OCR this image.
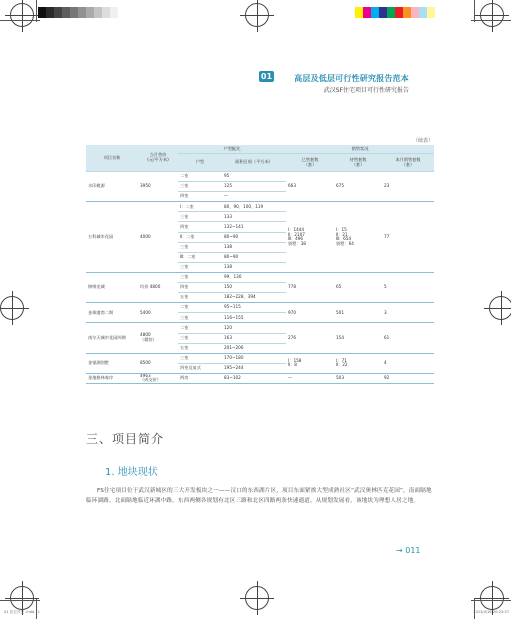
01	高层及低层可行性研究报告范本
武汉SF住宅项目可行性研究报告
（续表）
项目名称	当月售价
(元/平方米)	户型配比		销售状况		
		户型	面积区间（平方米）	已售套数
（套）	待售套数
（套）	本月销售套数
（套）
水印桃源	3950	二室	95	663	675	23
		三室	125			
		四室	—			
万科城市花园	4000	Ⅰ：二室	80、90、100、119	Ⅰ：1444
Ⅱ：2107
Ⅲ：496
别墅：38	Ⅰ：15
Ⅱ：21
Ⅲ：654
别墅：64	77
		三室	133			
		四室	132~141			
		Ⅱ：二室	80~90			
		三室	138			
		Ⅲ：二室	80~90			
		三室	138			
锦绣龙城	均价 4800	三室	99、130	778	65	5
		四室	150			
		五室	182~228、394			
金珠港湾二期	5400	二室	95~115	970	501	3
		三室	116~155			
南尔天城市花园四期	4800
（精装）	二室	120	276	154	61
		三室	163			
		五室	201~206			
金银湖别墅	8500	三室	170~180	Ⅰ：158
Ⅱ：8	Ⅰ：71
Ⅱ：22	4
		四室及复式	195~244			
金地格林春岸	4963
（成交价）	两房	83~102	—	503	92
三、项目简介
1. 地块现状
FS住宅项目位于武汉新城区的三大开发板块之一——汉口的东西湖片区，项目东面紧挨大型成熟社区“武汉奥林匹克花园”，南面隔地临环湖路，北面隔地临近环湖中路，东西两侧各规划有北区三路和北区四路两条快速通道，从规划发展看，该地块为理想人居之地。
→ 011
01 住宅开发 .indd 11	2013/4/16 20:23:37
